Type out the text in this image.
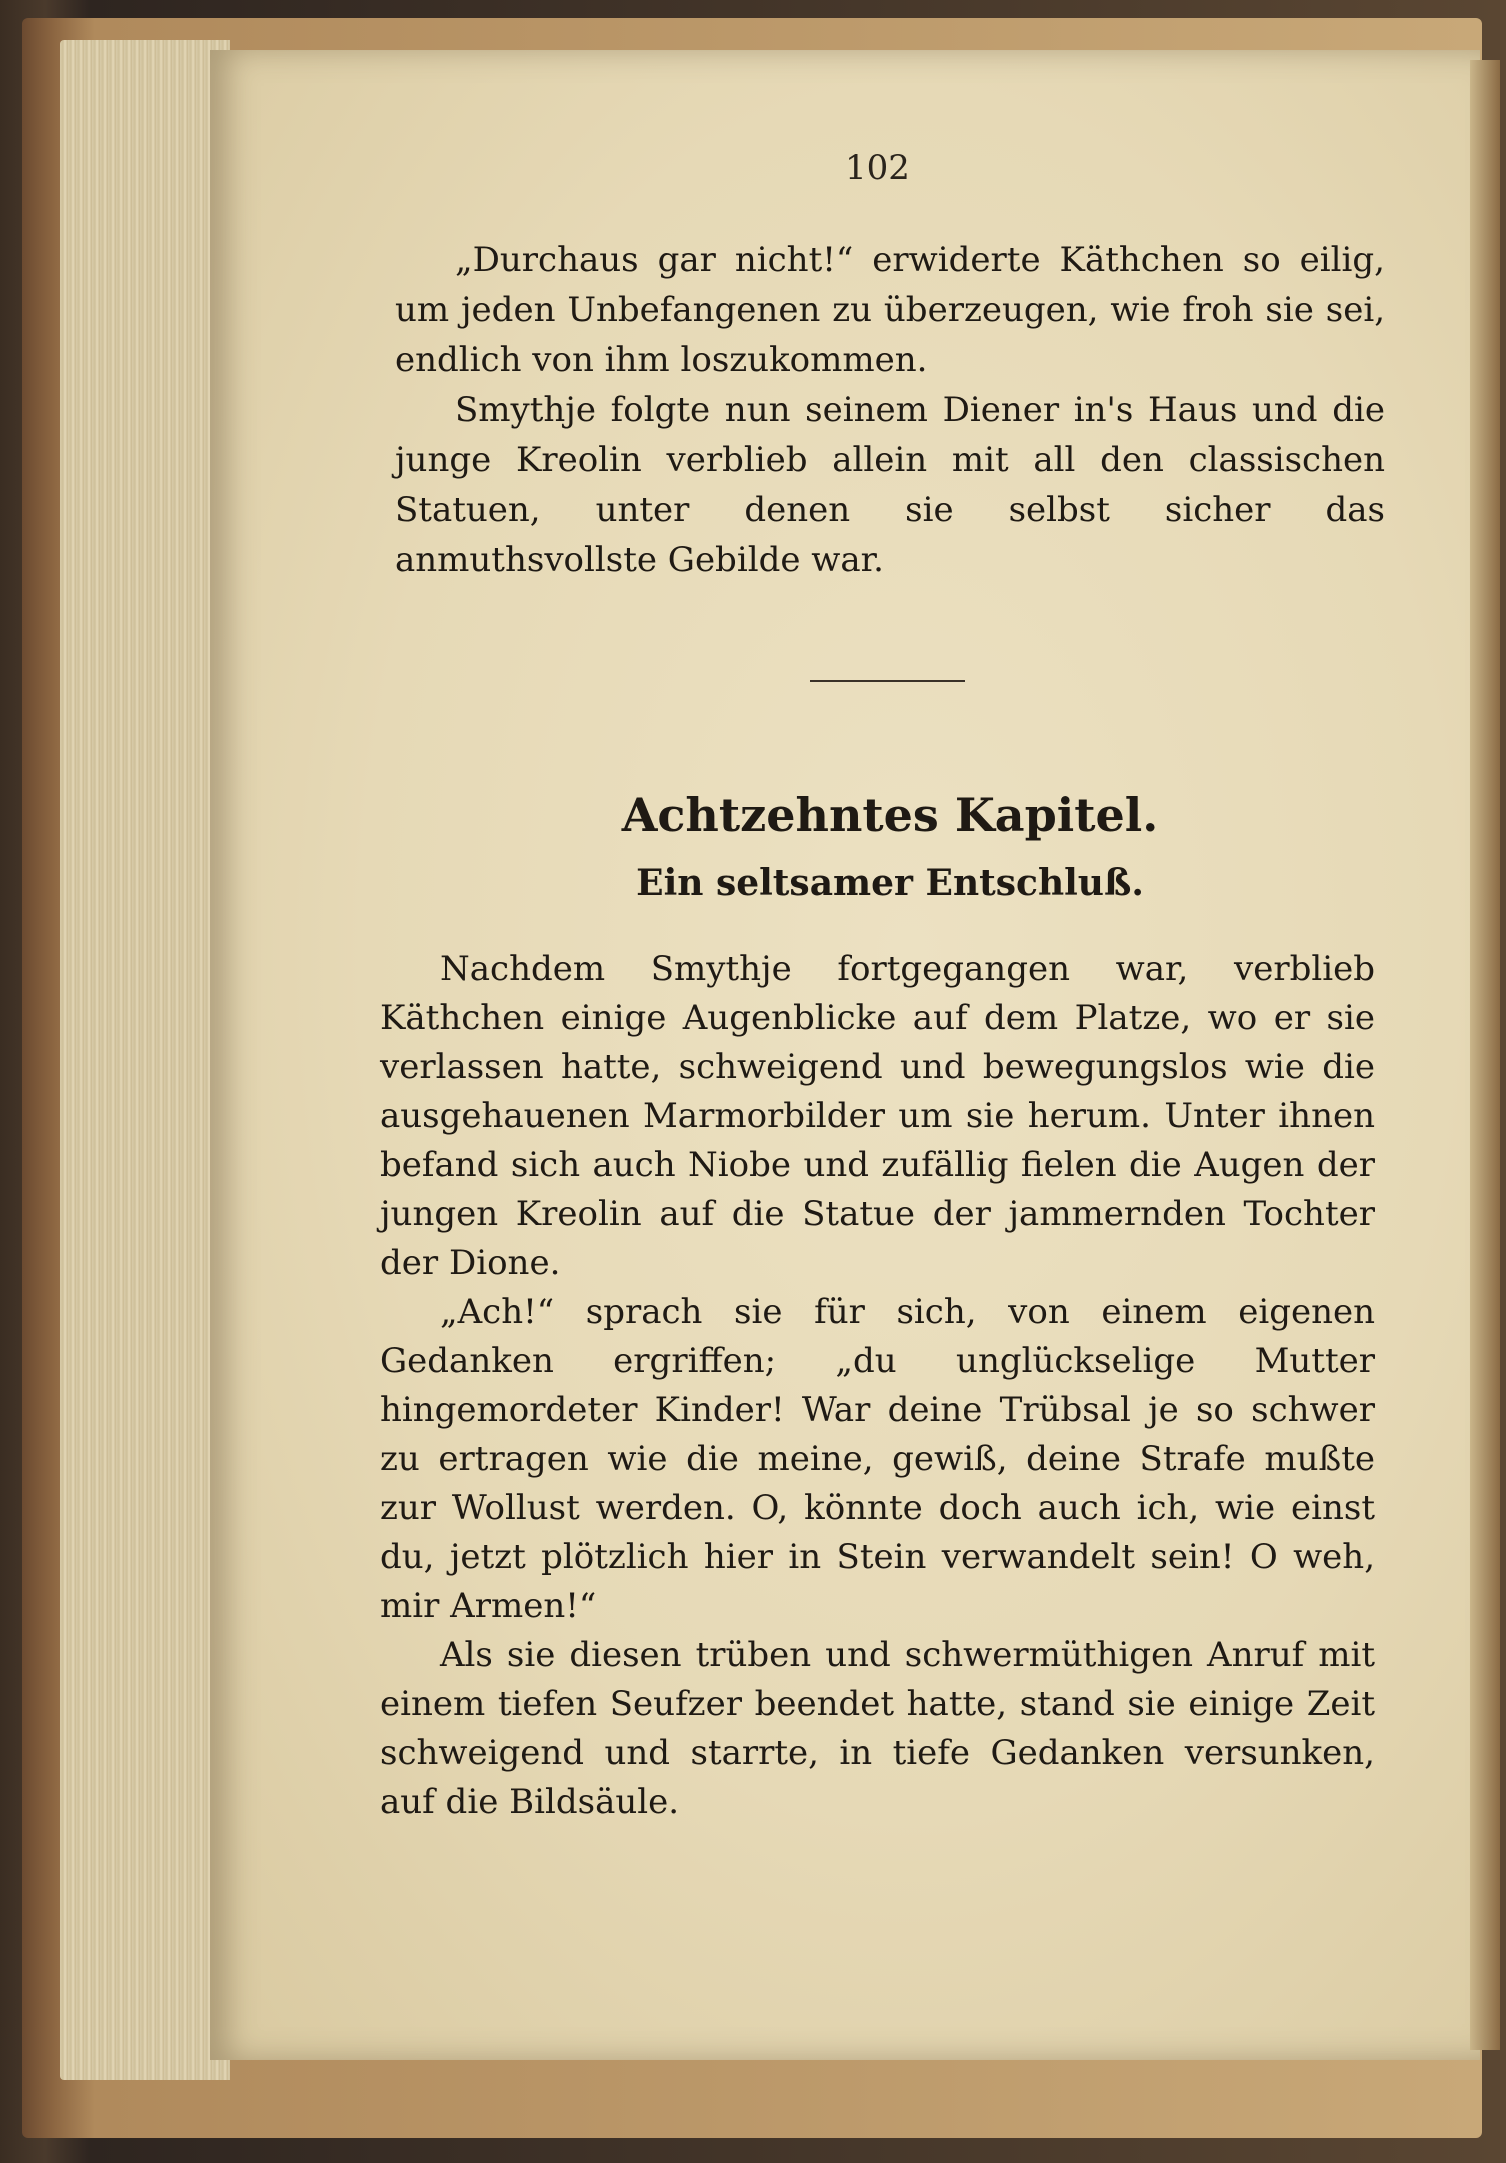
102

„Durchaus gar nicht!“ erwiderte Käthchen so eilig, um jeden Unbefangenen zu überzeugen, wie froh sie sei, endlich von ihm loszukommen.

Smythje folgte nun seinem Diener in's Haus und die junge Kreolin verblieb allein mit all den classischen Statuen, unter denen sie selbst sicher das anmuthsvollste Gebilde war.

Achtzehntes Kapitel.
Ein seltsamer Entschluß.

Nachdem Smythje fortgegangen war, verblieb Käthchen einige Augenblicke auf dem Platze, wo er sie verlassen hatte, schweigend und bewegungslos wie die ausgehauenen Marmorbilder um sie herum. Unter ihnen befand sich auch Niobe und zufällig fielen die Augen der jungen Kreolin auf die Statue der jammernden Tochter der Dione.

„Ach!“ sprach sie für sich, von einem eigenen Gedanken ergriffen; „du unglückselige Mutter hingemordeter Kinder! War deine Trübsal je so schwer zu ertragen wie die meine, gewiß, deine Strafe mußte zur Wollust werden. O, könnte doch auch ich, wie einst du, jetzt plötzlich hier in Stein verwandelt sein! O weh, mir Armen!“

Als sie diesen trüben und schwermüthigen Anruf mit einem tiefen Seufzer beendet hatte, stand sie einige Zeit schweigend und starrte, in tiefe Gedanken versunken, auf die Bildsäule.
